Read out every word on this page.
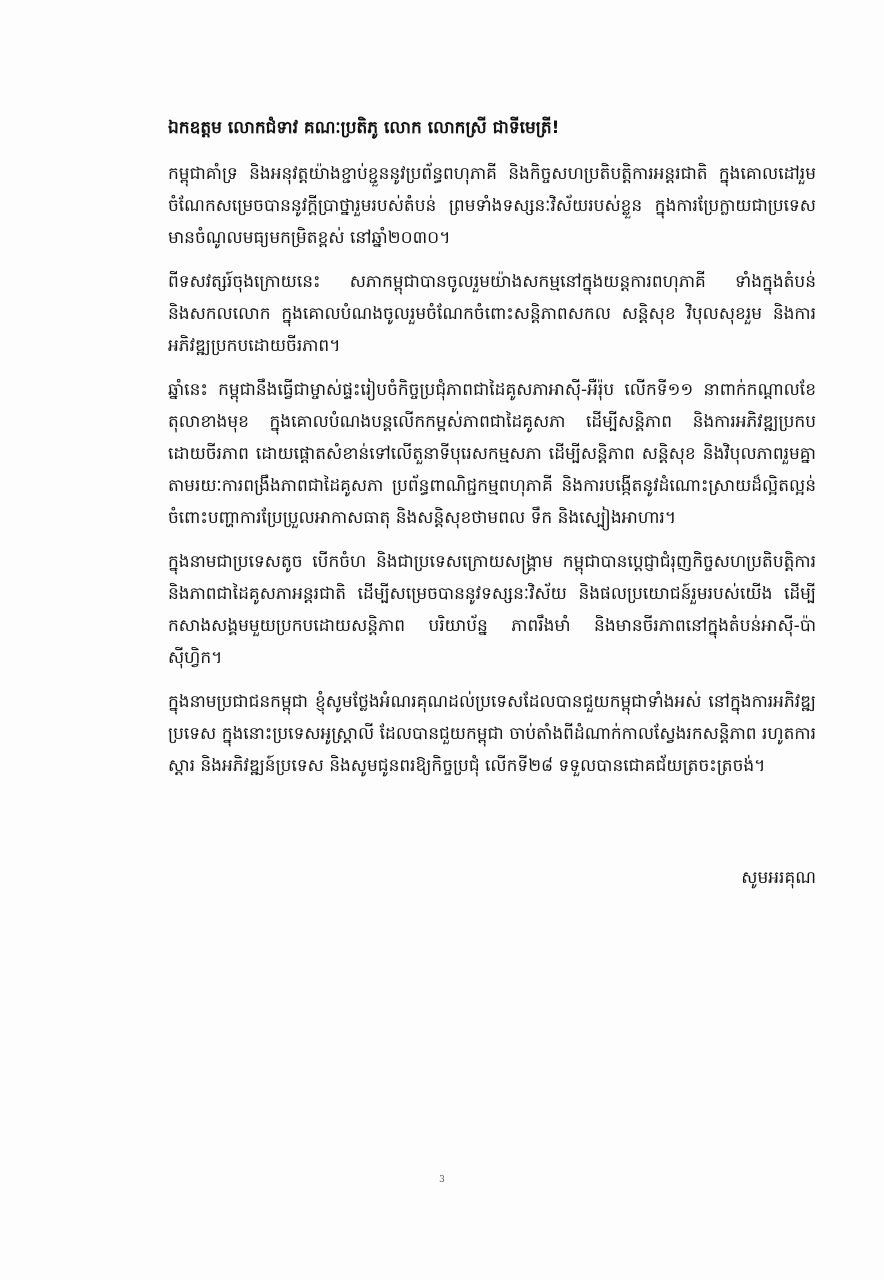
ឯកឧត្តម លោកជំទាវ គណៈប្រតិភូ លោក លោកស្រី ជាទីមេត្រី!

កម្ពុជាគាំទ្រ និងអនុវត្តយ៉ាងខ្ជាប់ខ្ជួននូវប្រព័ន្ធពហុភាគី និងកិច្ចសហប្រតិបត្តិការអន្តរជាតិ ក្នុងគោលដៅរួមចំណែកសម្រេចបាននូវក្តីប្រាថ្នារួមរបស់តំបន់ ព្រមទាំងទស្សនៈវិស័យរបស់ខ្លួន ក្នុងការប្រែក្លាយជាប្រទេសមានចំណូលមធ្យមកម្រិតខ្ពស់ នៅឆ្នាំ២០៣០។

ពីទសវត្សរ៍ចុងក្រោយនេះ សភាកម្ពុជាបានចូលរួមយ៉ាងសកម្មនៅក្នុងយន្តការពហុភាគី ទាំងក្នុងតំបន់ និងសកលលោក ក្នុងគោលបំណងចូលរួមចំណែកចំពោះសន្តិភាពសកល សន្តិសុខ វិបុលសុខរួម និងការអភិវឌ្ឍប្រកបដោយចីរភាព។

ឆ្នាំនេះ កម្ពុជានឹងធ្វើជាម្ចាស់ផ្ទះរៀបចំកិច្ចប្រជុំភាពជាដៃគូសភាអាស៊ី-អឺរ៉ុប លើកទី១១ នាពាក់កណ្តាលខែតុលាខាងមុខ ក្នុងគោលបំណងបន្តលើកកម្ពស់ភាពជាដៃគូសភា ដើម្បីសន្តិភាព និងការអភិវឌ្ឍប្រកបដោយចីរភាព ដោយផ្តោតសំខាន់ទៅលើតួនាទីបុរេសកម្មសភា ដើម្បីសន្តិភាព សន្តិសុខ និងវិបុលភាពរួមគ្នា តាមរយៈការពង្រឹងភាពជាដៃគូសភា ប្រព័ន្ធពាណិជ្ជកម្មពហុភាគី និងការបង្កើតនូវដំណោះស្រាយដ៏ល្អិតល្អន់ចំពោះបញ្ហាការប្រែប្រួលអាកាសធាតុ និងសន្តិសុខថាមពល ទឹក និងស្បៀងអាហារ។

ក្នុងនាមជាប្រទេសតូច បើកចំហ និងជាប្រទេសក្រោយសង្គ្រាម កម្ពុជាបានប្តេជ្ញាជំរុញកិច្ចសហប្រតិបត្តិការ និងភាពជាដៃគូសភាអន្តរជាតិ ដើម្បីសម្រេចបាននូវទស្សនៈវិស័យ និងផលប្រយោជន៍រួមរបស់យើង ដើម្បីកសាងសង្គមមួយប្រកបដោយសន្តិភាព បរិយាប័ន្ន ភាពរឹងមាំ និងមានចីរភាពនៅក្នុងតំបន់អាស៊ី-ប៉ាស៊ីហ្វិក។

ក្នុងនាមប្រជាជនកម្ពុជា ខ្ញុំសូមថ្លែងអំណរគុណដល់ប្រទេសដែលបានជួយកម្ពុជាទាំងអស់ នៅក្នុងការអភិវឌ្ឍប្រទេស ក្នុងនោះប្រទេសអូស្ត្រាលី ដែលបានជួយកម្ពុជា ចាប់តាំងពីដំណាក់កាលស្វែងរកសន្តិភាព រហូតការស្តារ និងអភិវឌ្ឍន៍ប្រទេស និងសូមជូនពរឱ្យកិច្ចប្រជុំ លើកទី២៨ ទទួលបានជោគជ័យត្រចះត្រចង់។

សូមអរគុណ
3
